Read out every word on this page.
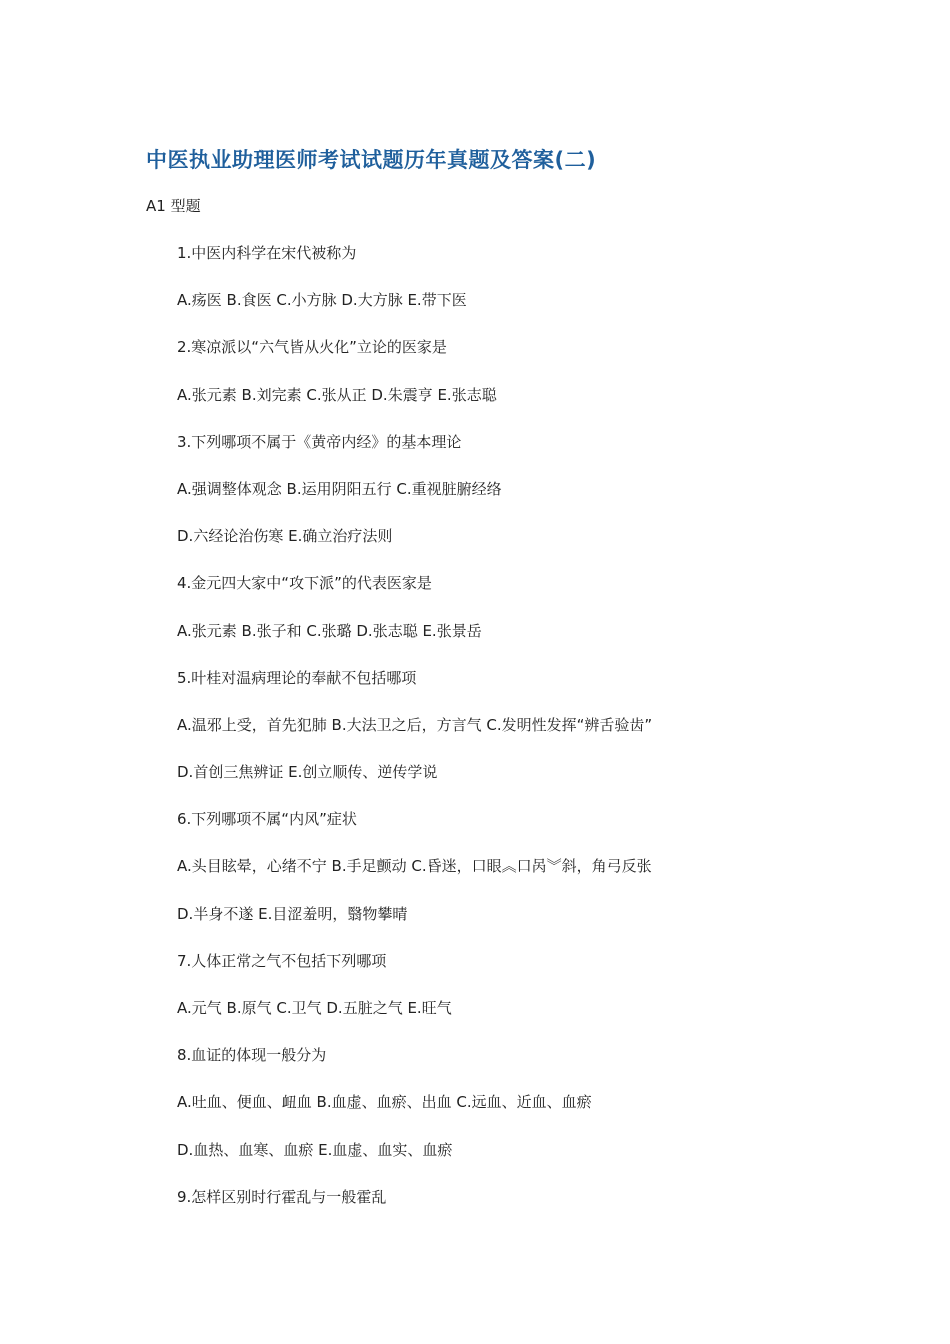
中医执业助理医师考试试题历年真题及答案(二)
A1 型题
1.中医内科学在宋代被称为
A.疡医 B.食医 C.小方脉 D.大方脉 E.带下医
2.寒凉派以“六气皆从火化”立论的医家是
A.张元素 B.刘完素 C.张从正 D.朱震亨 E.张志聪
3.下列哪项不属于《黄帝内经》的基本理论
A.强调整体观念 B.运用阴阳五行 C.重视脏腑经络
D.六经论治伤寒 E.确立治疗法则
4.金元四大家中“攻下派”的代表医家是
A.张元素 B.张子和 C.张璐 D.张志聪 E.张景岳
5.叶桂对温病理论的奉献不包括哪项
A.温邪上受，首先犯肺 B.大法卫之后，方言气 C.发明性发挥“辨舌验齿”
D.首创三焦辨证 E.创立顺传、逆传学说
6.下列哪项不属“内风”症状
A.头目眩晕，心绪不宁 B.手足颤动 C.昏迷，口眼︽口呙︾斜，角弓反张
D.半身不遂 E.目涩羞明，翳物攀晴
7.人体正常之气不包括下列哪项
A.元气 B.原气 C.卫气 D.五脏之气 E.旺气
8.血证的体现一般分为
A.吐血、便血、衄血 B.血虚、血瘀、出血 C.远血、近血、血瘀
D.血热、血寒、血瘀 E.血虚、血实、血瘀
9.怎样区别时行霍乱与一般霍乱
